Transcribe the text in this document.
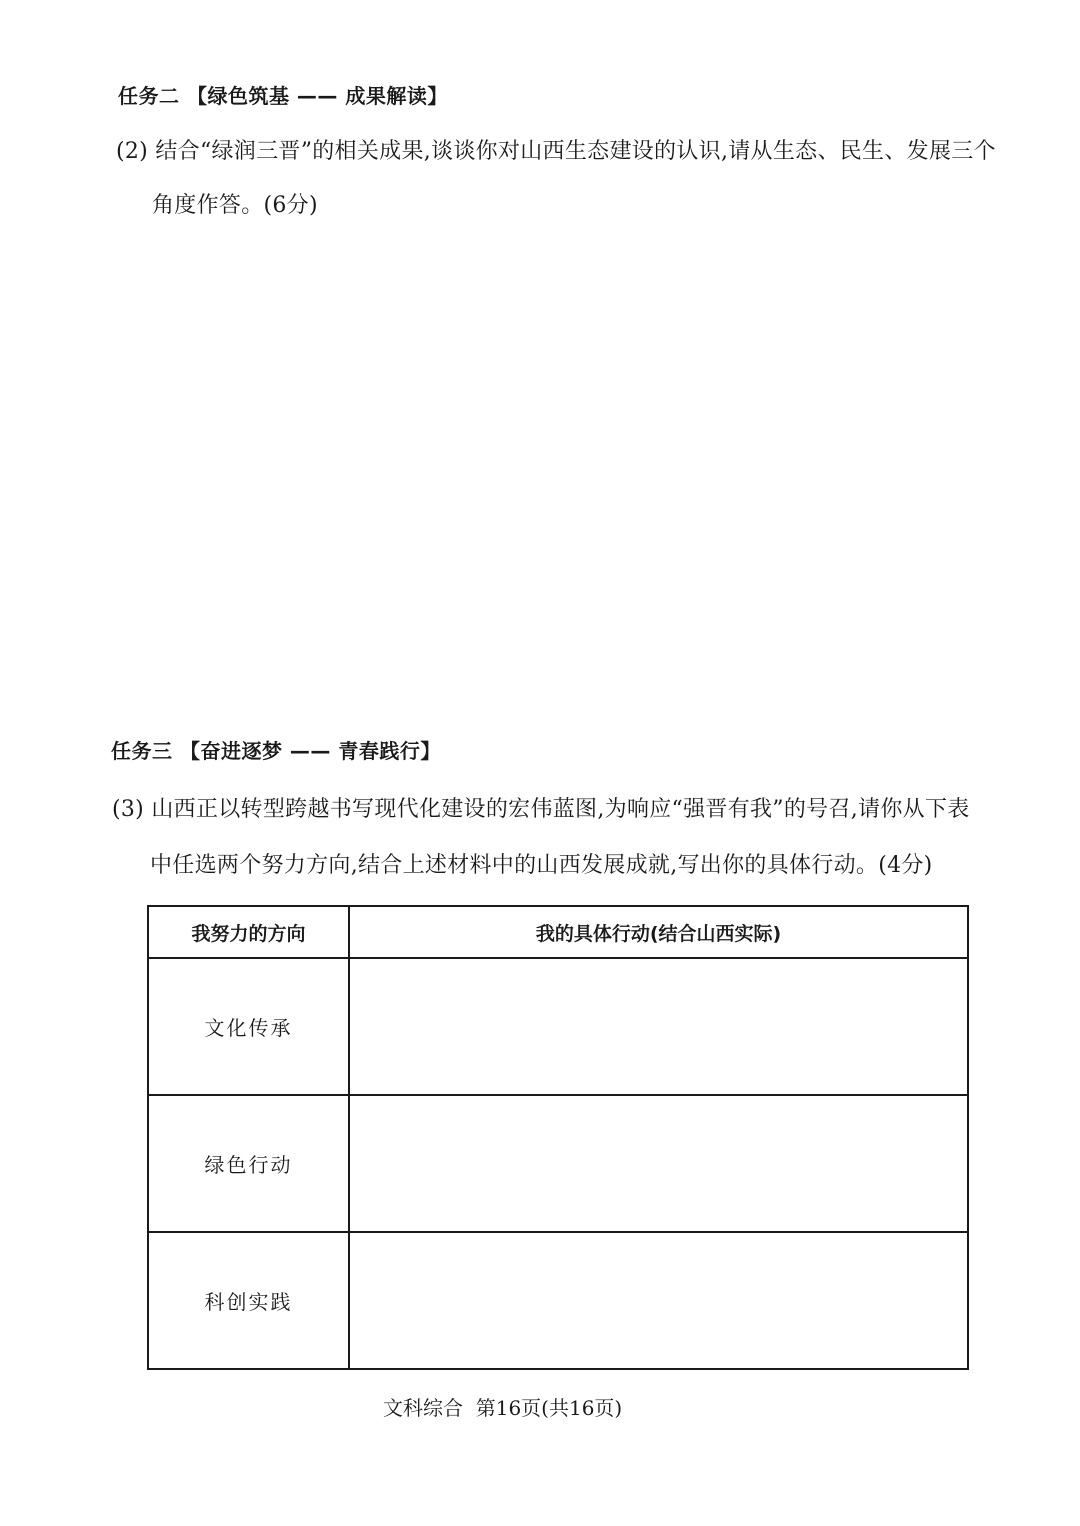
任务二 【绿色筑基 —— 成果解读】
(2) 结合“绿润三晋”的相关成果,谈谈你对山西生态建设的认识,请从生态、民生、发展三个
角度作答。(6分)
任务三 【奋进逐梦 —— 青春践行】
(3) 山西正以转型跨越书写现代化建设的宏伟蓝图,为响应“强晋有我”的号召,请你从下表
中任选两个努力方向,结合上述材料中的山西发展成就,写出你的具体行动。(4分)
我努力的方向	我的具体行动(结合山西实际)
文化传承	
绿色行动	
科创实践	
文科综合  第16页(共16页)
